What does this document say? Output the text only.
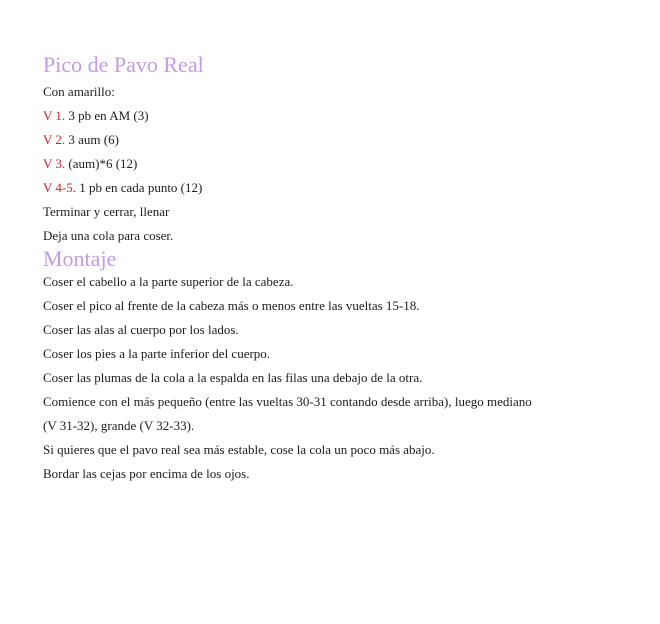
Pico de Pavo Real
Con amarillo:
V 1. 3 pb en AM (3)
V 2. 3 aum (6)
V 3. (aum)*6 (12)
V 4-5. 1 pb en cada punto (12)
Terminar y cerrar, llenar
Deja una cola para coser.
Montaje
Coser el cabello a la parte superior de la cabeza.
Coser el pico al frente de la cabeza más o menos entre las vueltas 15-18.
Coser las alas al cuerpo por los lados.
Coser los pies a la parte inferior del cuerpo.
Coser las plumas de la cola a la espalda en las filas una debajo de la otra.
Comience con el más pequeño (entre las vueltas 30-31 contando desde arriba), luego mediano
(V 31-32), grande (V 32-33).
Si quieres que el pavo real sea más estable, cose la cola un poco más abajo.
Bordar las cejas por encima de los ojos.
